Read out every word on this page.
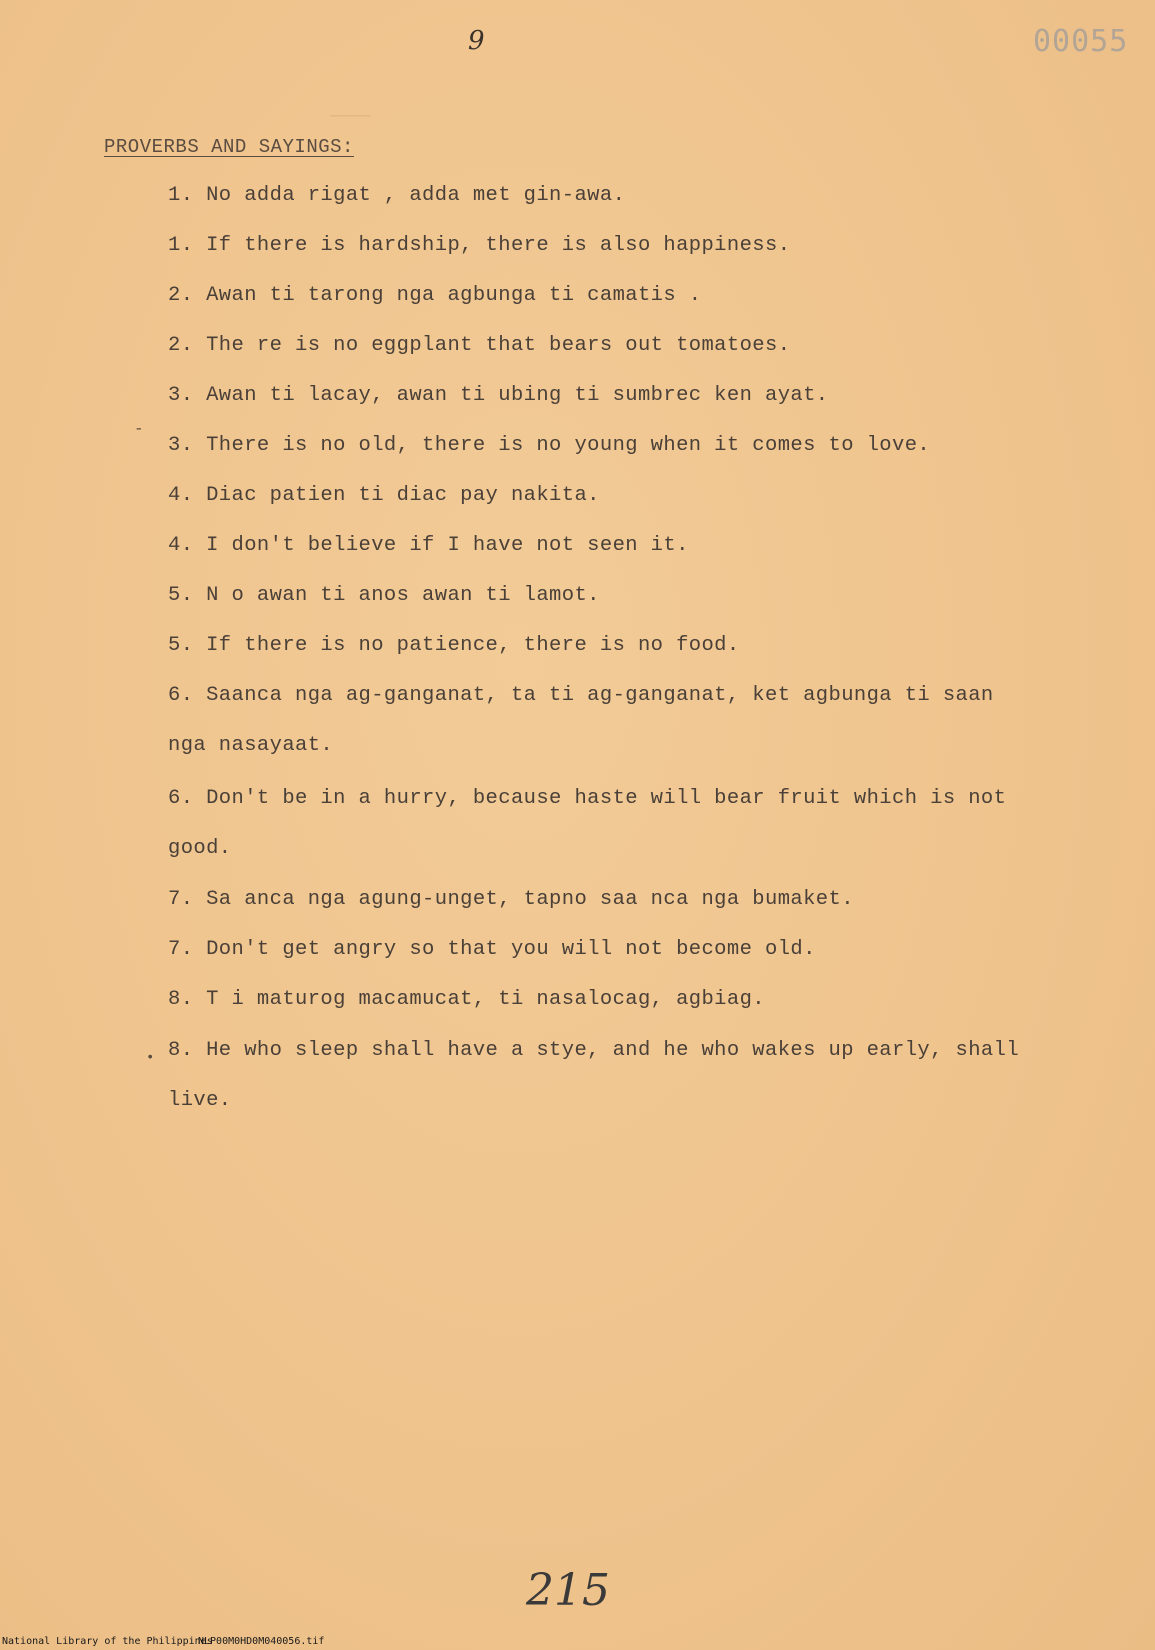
────
9	00055
PROVERBS AND SAYINGS:
-
•
1. No adda rigat , adda met gin-awa.
1. If there is hardship, there is also happiness.
2. Awan ti tarong nga agbunga ti camatis .
2. The re is no eggplant that bears out tomatoes.
3. Awan ti lacay, awan ti ubing ti sumbrec ken ayat.
3. There is no old, there is no young when it comes to love.
4. Diac patien ti diac pay nakita.
4. I don't believe if I have not seen it.
5. N o awan ti anos awan ti lamot.
5. If there is no patience, there is no food.
6. Saanca nga ag-ganganat, ta ti ag-ganganat, ket agbunga ti saan
nga nasayaat.
6. Don't be in a hurry, because haste will bear fruit which is not
good.
7. Sa anca nga agung-unget, tapno saa nca nga bumaket.
7. Don't get angry so that you will not become old.
8. T i maturog macamucat, ti nasalocag, agbiag.
8. He who sleep shall have a stye, and he who wakes up early, shall
live.
215
National Library of the Philippines
NLP00M0HD0M040056.tif
